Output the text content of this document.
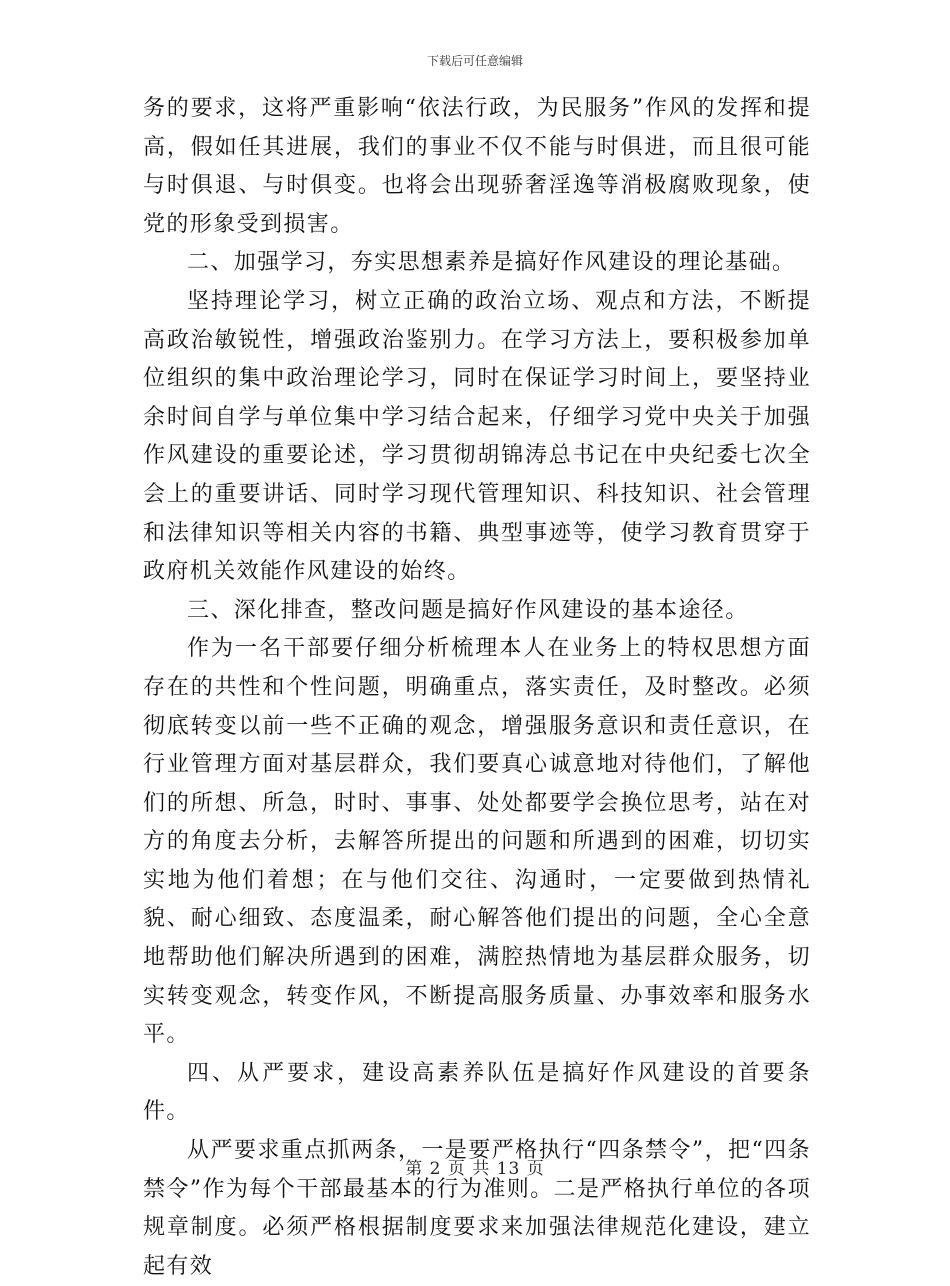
下载后可任意编辑

务的要求，这将严重影响“依法行政，为民服务”作风的发挥和提高，假如任其进展，我们的事业不仅不能与时俱进，而且很可能与时俱退、与时俱变。也将会出现骄奢淫逸等消极腐败现象，使党的形象受到损害。

二、加强学习，夯实思想素养是搞好作风建设的理论基础。

坚持理论学习，树立正确的政治立场、观点和方法，不断提高政治敏锐性，增强政治鉴别力。在学习方法上，要积极参加单位组织的集中政治理论学习，同时在保证学习时间上，要坚持业余时间自学与单位集中学习结合起来，仔细学习党中央关于加强作风建设的重要论述，学习贯彻胡锦涛总书记在中央纪委七次全会上的重要讲话、同时学习现代管理知识、科技知识、社会管理和法律知识等相关内容的书籍、典型事迹等，使学习教育贯穿于政府机关效能作风建设的始终。

三、深化排查，整改问题是搞好作风建设的基本途径。

作为一名干部要仔细分析梳理本人在业务上的特权思想方面存在的共性和个性问题，明确重点，落实责任，及时整改。必须彻底转变以前一些不正确的观念，增强服务意识和责任意识，在行业管理方面对基层群众，我们要真心诚意地对待他们，了解他们的所想、所急，时时、事事、处处都要学会换位思考，站在对方的角度去分析，去解答所提出的问题和所遇到的困难，切切实实地为他们着想；在与他们交往、沟通时，一定要做到热情礼貌、耐心细致、态度温柔，耐心解答他们提出的问题，全心全意地帮助他们解决所遇到的困难，满腔热情地为基层群众服务，切实转变观念，转变作风，不断提高服务质量、办事效率和服务水平。

四、从严要求，建设高素养队伍是搞好作风建设的首要条件。

从严要求重点抓两条，一是要严格执行“四条禁令”，把“四条禁令”作为每个干部最基本的行为准则。二是严格执行单位的各项规章制度。必须严格根据制度要求来加强法律规范化建设，建立起有效

第 2 页 共 13 页
